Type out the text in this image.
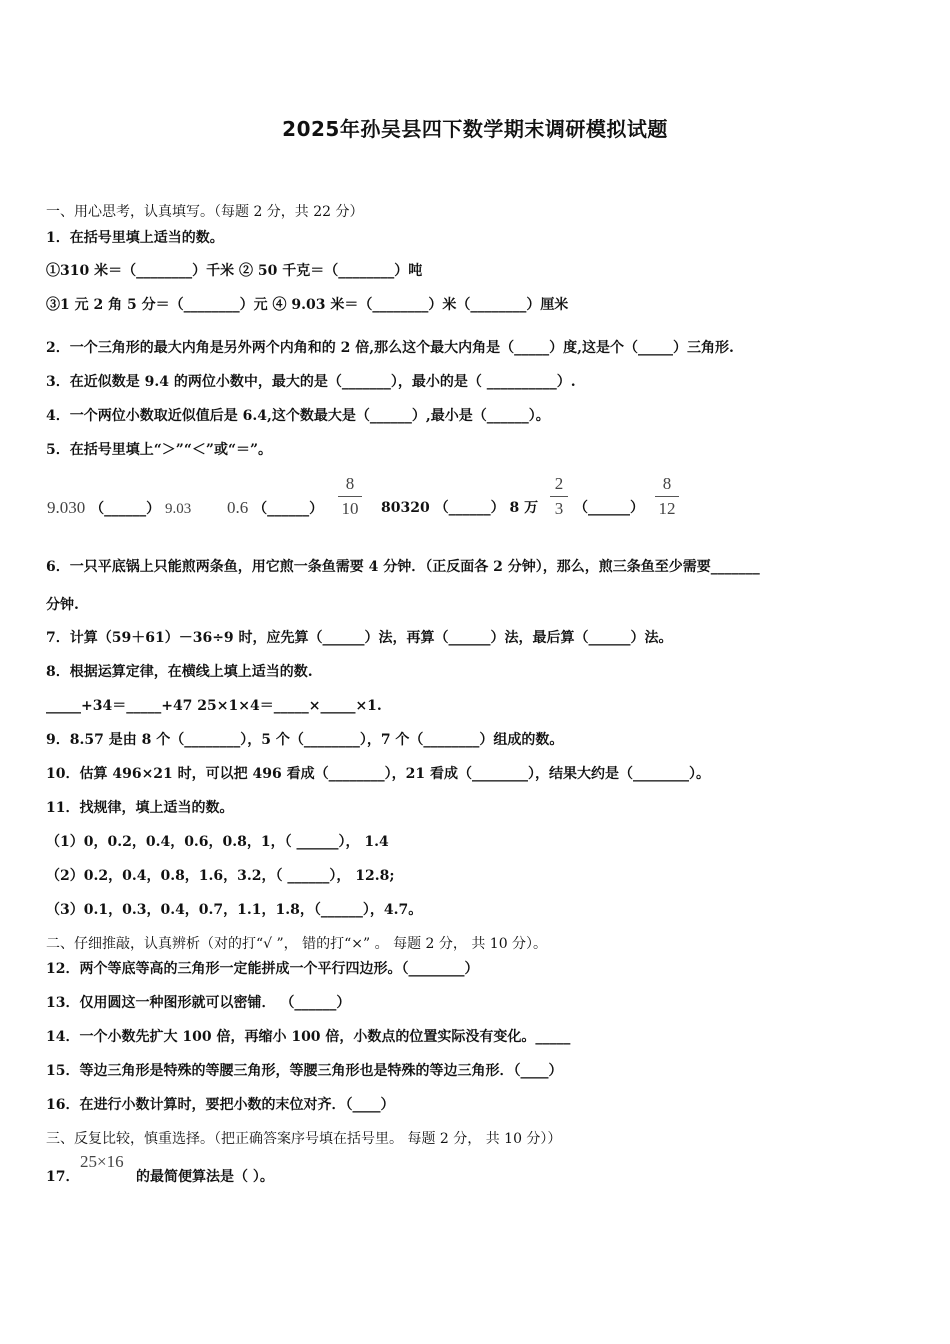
2025年孙吴县四下数学期末调研模拟试题
一、用心思考，认真填写。（每题 2 分，共 22 分）
1．在括号里填上适当的数。
①310 米＝（________）千米 ② 50 千克＝（________）吨
③1 元 2 角 5 分＝（________）元 ④ 9.03 米＝（________）米（________）厘米
2．一个三角形的最大内角是另外两个内角和的 2 倍,那么这个最大内角是（_____）度,这是个（_____）三角形.
3．在近似数是 9.4 的两位小数中，最大的是（_______），最小的是（ __________）.
4．一个两位小数取近似值后是 6.4,这个数最大是（______）,最小是（______）。
5．在括号里填上“＞”“＜”或“＝”。
9.030 （______） 9.03 0.6 （______）
8
10 80320 （______） 8 万
2
3 （______）
8
12
6．一只平底锅上只能煎两条鱼，用它煎一条鱼需要 4 分钟．（正反面各 2 分钟），那么，煎三条鱼至少需要_______
分钟.
7．计算（59＋61）－36÷9 时，应先算（______）法，再算（______）法，最后算（______）法。
8．根据运算定律，在横线上填上适当的数.
_____+34＝_____+47 25×1×4＝_____×_____×1.
9．8.57 是由 8 个（________），5 个（________），7 个（________）组成的数。
10．估算 496×21 时，可以把 496 看成（________），21 看成（________），结果大约是（________）。
11．找规律，填上适当的数。
（1）0，0.2，0.4，0.6，0.8，1，（ ______）， 1.4
（2）0.2，0.4，0.8，1.6，3.2，（ ______）， 12.8;
（3）0.1，0.3，0.4，0.7，1.1，1.8，（______），4.7。
二、仔细推敲，认真辨析（对的打“√ ”， 错的打“×” 。 每题 2 分， 共 10 分）。
12．两个等底等高的三角形一定能拼成一个平行四边形。（________）
13．仅用圆这一种图形就可以密铺． （______）
14．一个小数先扩大 100 倍，再缩小 100 倍，小数点的位置实际没有变化。_____
15．等边三角形是特殊的等腰三角形，等腰三角形也是特殊的等边三角形．（____）
16．在进行小数计算时，要把小数的末位对齐．（____）
三、反复比较，慎重选择。（把正确答案序号填在括号里。 每题 2 分， 共 10 分））
17．
25×16
的最简便算法是（ ）。
